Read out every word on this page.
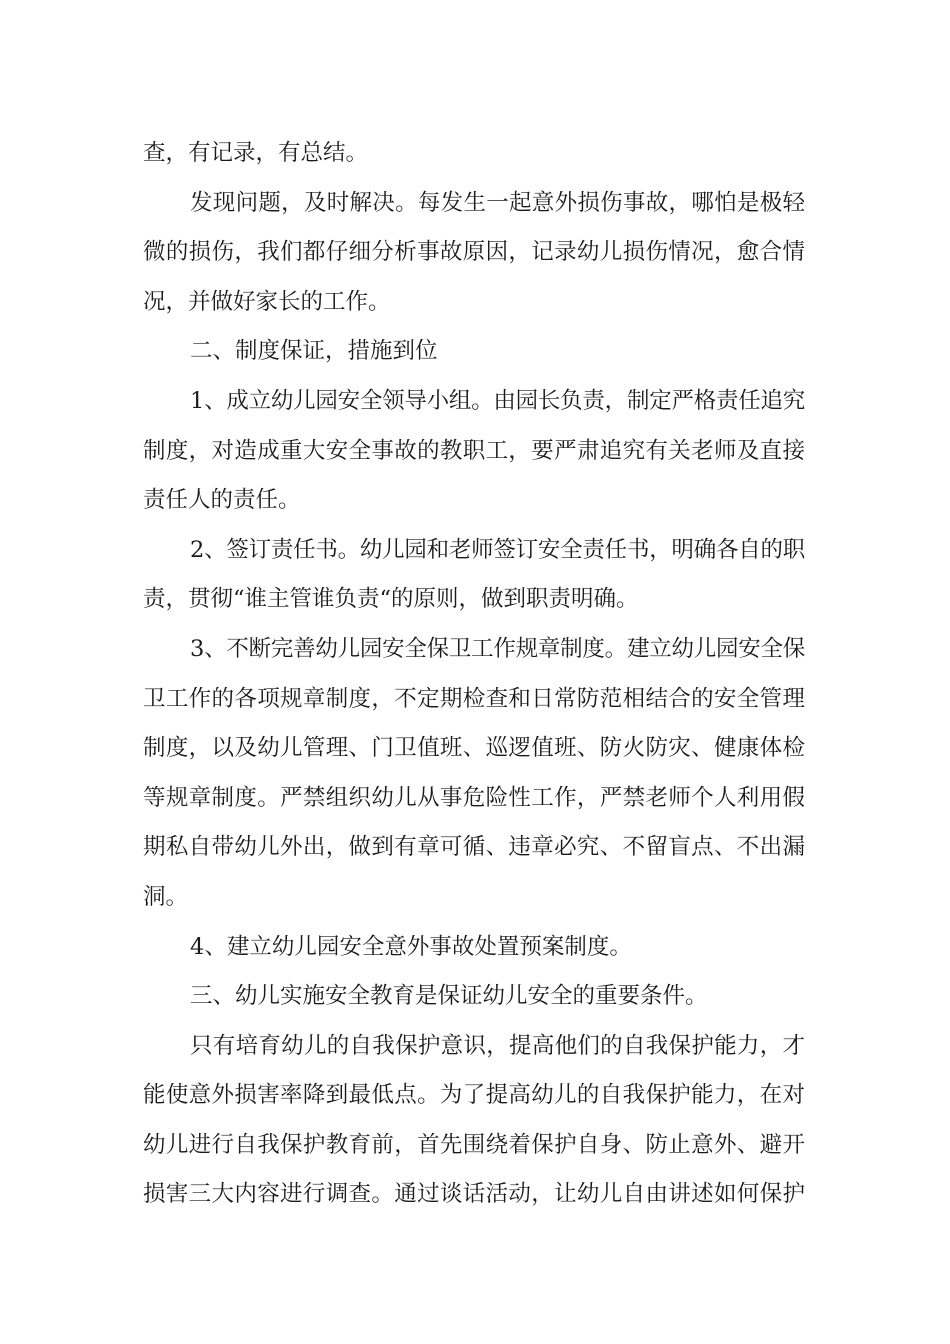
查，有记录，有总结。
发现问题，及时解决。每发生一起意外损伤事故，哪怕是极轻
微的损伤，我们都仔细分析事故原因，记录幼儿损伤情况，愈合情
况，并做好家长的工作。
二、制度保证，措施到位
1、成立幼儿园安全领导小组。由园长负责，制定严格责任追究
制度，对造成重大安全事故的教职工，要严肃追究有关老师及直接
责任人的责任。
2、签订责任书。幼儿园和老师签订安全责任书，明确各自的职
责，贯彻“谁主管谁负责“的原则，做到职责明确。
3、不断完善幼儿园安全保卫工作规章制度。建立幼儿园安全保
卫工作的各项规章制度，不定期检查和日常防范相结合的安全管理
制度，以及幼儿管理、门卫值班、巡逻值班、防火防灾、健康体检
等规章制度。严禁组织幼儿从事危险性工作，严禁老师个人利用假
期私自带幼儿外出，做到有章可循、违章必究、不留盲点、不出漏
洞。
4、建立幼儿园安全意外事故处置预案制度。
三、幼儿实施安全教育是保证幼儿安全的重要条件。
只有培育幼儿的自我保护意识，提高他们的自我保护能力，才
能使意外损害率降到最低点。为了提高幼儿的自我保护能力，在对
幼儿进行自我保护教育前，首先围绕着保护自身、防止意外、避开
损害三大内容进行调查。通过谈话活动，让幼儿自由讲述如何保护
